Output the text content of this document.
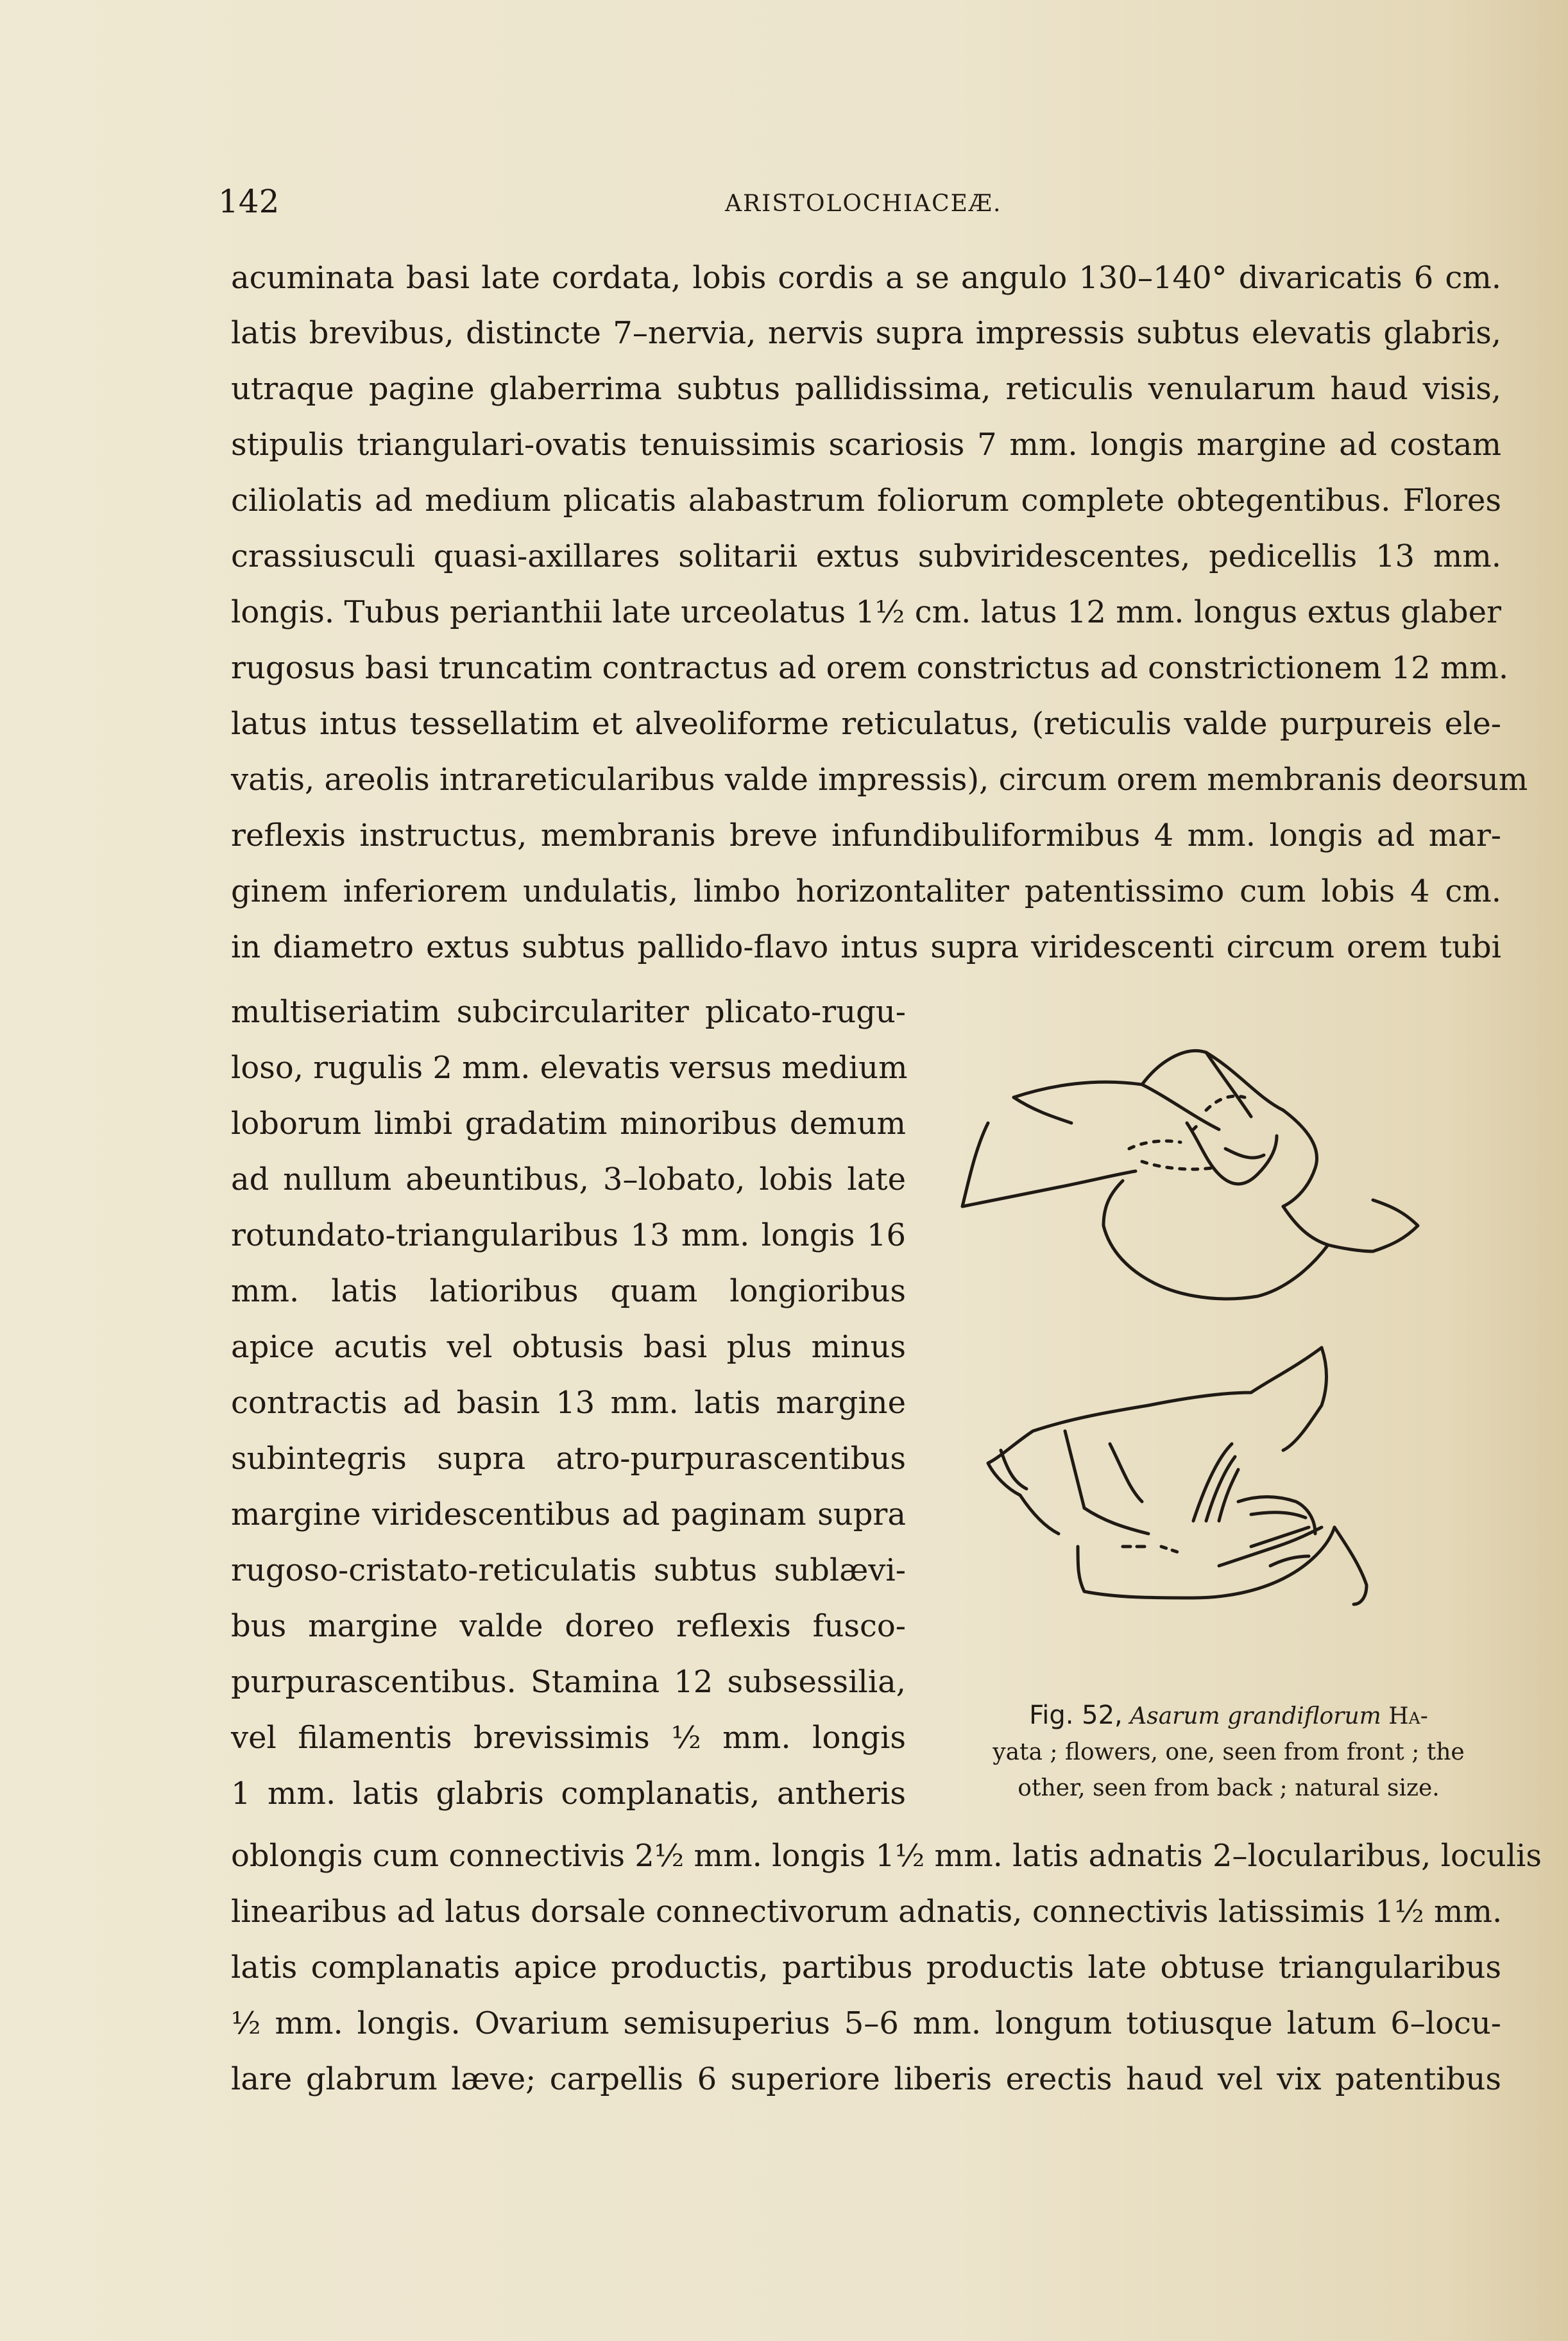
142	ARISTOLOCHIACEÆ.
acuminata basi late cordata, lobis cordis a se angulo 130–140° divaricatis 6 cm.
latis brevibus, distincte 7–nervia, nervis supra impressis subtus elevatis glabris,
utraque pagine glaberrima subtus pallidissima, reticulis venularum haud visis,
stipulis triangulari-ovatis tenuissimis scariosis 7 mm. longis margine ad costam
ciliolatis ad medium plicatis alabastrum foliorum complete obtegentibus. Flores
crassiusculi quasi-axillares solitarii extus subviridescentes, pedicellis 13 mm.
longis. Tubus perianthii late urceolatus 1½ cm. latus 12 mm. longus extus glaber
rugosus basi truncatim contractus ad orem constrictus ad constrictionem 12 mm.
latus intus tessellatim et alveoliforme reticulatus, (reticulis valde purpureis ele-
vatis, areolis intrareticularibus valde impressis), circum orem membranis deorsum
reflexis instructus, membranis breve infundibuliformibus 4 mm. longis ad mar-
ginem inferiorem undulatis, limbo horizontaliter patentissimo cum lobis 4 cm.
in diametro extus subtus pallido-flavo intus supra viridescenti circum orem tubi
multiseriatim subcirculariter plicato-rugu-
loso, rugulis 2 mm. elevatis versus medium
loborum limbi gradatim minoribus demum
ad nullum abeuntibus, 3–lobato, lobis late
rotundato-triangularibus 13 mm. longis 16
mm. latis latioribus quam longioribus
apice acutis vel obtusis basi plus minus
contractis ad basin 13 mm. latis margine
subintegris supra atro-purpurascentibus
margine viridescentibus ad paginam supra
rugoso-cristato-reticulatis subtus sublævi-
bus margine valde doreo reflexis fusco-
purpurascentibus. Stamina 12 subsessilia,
vel filamentis brevissimis ½ mm. longis
1 mm. latis glabris complanatis, antheris
oblongis cum connectivis 2½ mm. longis 1½ mm. latis adnatis 2–locularibus, loculis
linearibus ad latus dorsale connectivorum adnatis, connectivis latissimis 1½ mm.
latis complanatis apice productis, partibus productis late obtuse triangularibus
½ mm. longis. Ovarium semisuperius 5–6 mm. longum totiusque latum 6–locu-
lare glabrum læve; carpellis 6 superiore liberis erectis haud vel vix patentibus
Fig. 52, Asarum grandiflorum Ha-
yata ; flowers, one, seen from front ; the
other, seen from back ; natural size.
